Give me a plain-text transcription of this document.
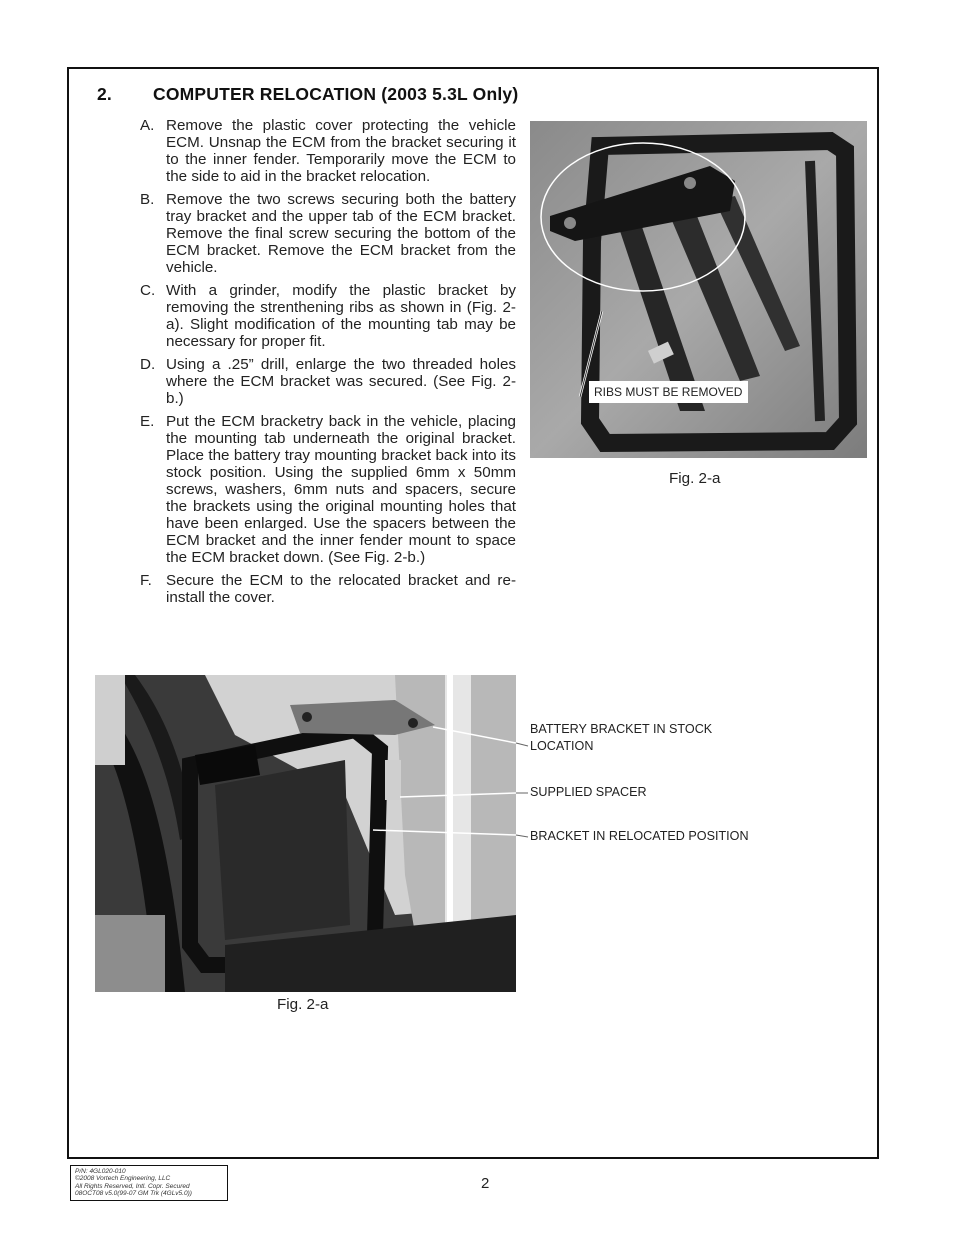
2. COMPUTER RELOCATION (2003 5.3L Only)
A. Remove the plastic cover protecting the vehicle ECM. Unsnap the ECM from the bracket securing it to the inner fender. Temporarily move the ECM to the side to aid in the bracket relocation.
B. Remove the two screws securing both the battery tray bracket and the upper tab of the ECM bracket. Remove the final screw securing the bottom of the ECM bracket. Remove the ECM bracket from the vehicle.
C. With a grinder, modify the plastic bracket by removing the strenthening ribs as shown in (Fig. 2-a). Slight modification of the mounting tab may be necessary for proper fit.
D. Using a .25” drill, enlarge the two threaded holes where the ECM bracket was secured. (See Fig. 2-b.)
E. Put the ECM bracketry back in the vehicle, placing the mounting tab underneath the original bracket. Place the battery tray mounting bracket back into its stock position. Using the supplied 6mm x 50mm screws, washers, 6mm nuts and spacers, secure the brackets using the original mounting holes that have been enlarged. Use the spacers between the ECM bracket and the inner fender mount to space the ECM bracket down. (See Fig. 2-b.)
F. Secure the ECM to the relocated bracket and re-install the cover.
RIBS MUST BE REMOVED
Fig. 2-a
BATTERY BRACKET IN STOCK
LOCATION
SUPPLIED SPACER
BRACKET IN RELOCATED POSITION
Fig. 2-a
P/N: 4GL020-010
©2008 Vortech Engineering, LLC
All Rights Reserved, Intl. Copr. Secured
08OCT08 v5.0(99-07 GM Trk (4GLv5.0))
2
